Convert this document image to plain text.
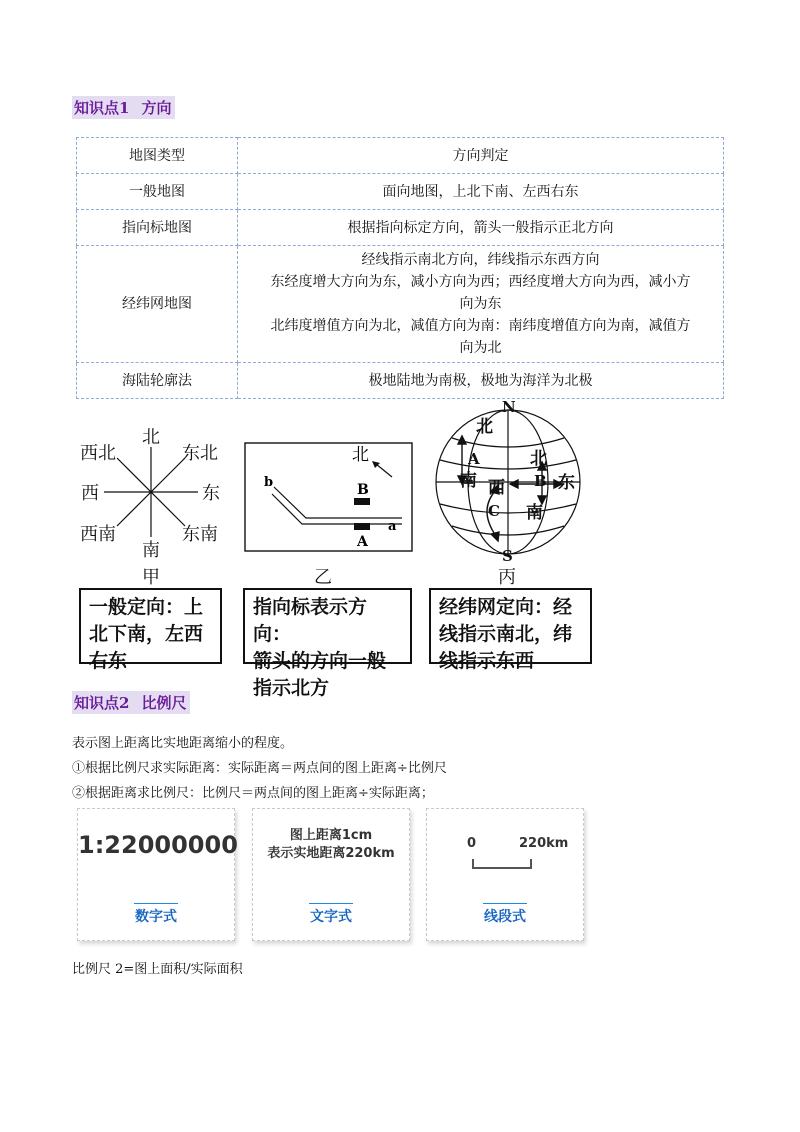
知识点1 方向
地图类型	方向判定
一般地图	面向地图，上北下南、左西右东
指向标地图	根据指向标定方向，箭头一般指示正北方向
经纬网地图	经线指示南北方向，纬线指示东西方向
东经度增大方向为东，减小方向为西；西经度增大方向为西，减小方
向为东
北纬度增值方向为北，减值方向为南：南纬度增值方向为南，减值方
向为北

海陆轮廓法	极地陆地为南极，极地为海洋为北极
北
南
东
西
东北
西北
东南
西南
甲
北
b	B
A
a
乙
N
S
北
A
南 西
北
B 东
南
C
丙
一般定向：上
北下南，左西
右东
指向标表示方向：
箭头的方向一般
指示北方
经纬网定向：经
线指示南北，纬
线指示东西
知识点2 比例尺
表示图上距离比实地距离缩小的程度。
①根据比例尺求实际距离：实际距离＝两点间的图上距离÷比例尺
②根据距离求比例尺：比例尺＝两点间的图上距离÷实际距离；
1:22000000
数字式
图上距离1cm
表示实地距离220km
文字式
0	220km
线段式
比例尺 2=图上面积/实际面积
